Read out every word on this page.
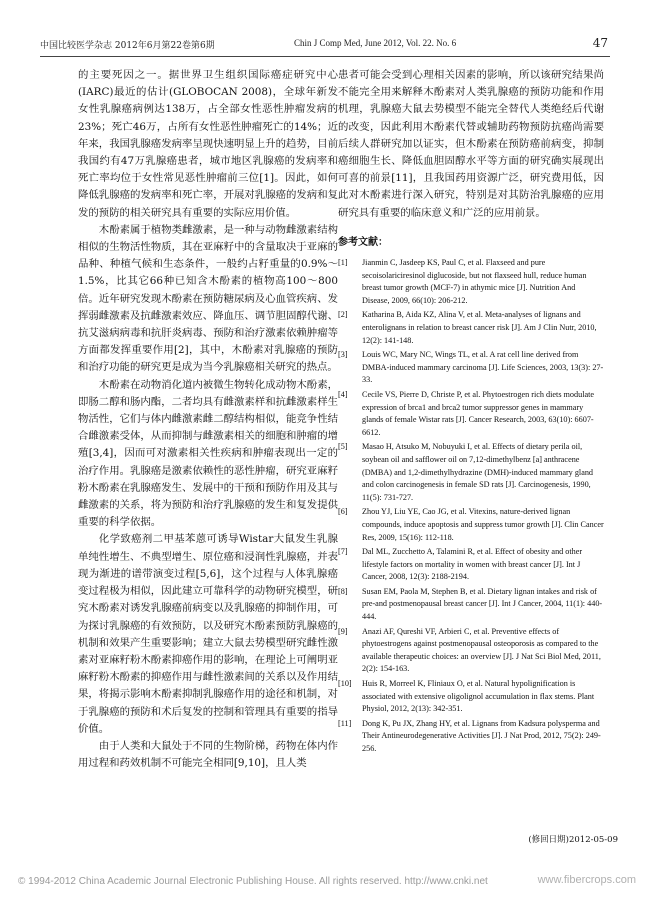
中国比较医学杂志 2012年6月第22卷第6期	Chin J Comp Med, June 2012, Vol. 22. No. 6	47

的主要死因之一。据世界卫生组织国际癌症研究中心(IARC)最近的估计(GLOBOCAN 2008)，全球年新发女性乳腺癌病例达138万，占全部女性恶性肿瘤发病的23%；死亡46万，占所有女性恶性肿瘤死亡的14%；近年来，我国乳腺癌发病率呈现快速明显上升的趋势，目前我国约有47万乳腺癌患者，城市地区乳腺癌的发病率和死亡率均位于女性常见恶性肿瘤前三位[1]。因此，如何降低乳腺癌的发病率和死亡率，开展对乳腺癌的发病和复发的预防的相关研究具有重要的实际应用价值。

木酚素属于植物类雌激素，是一种与动物雌激素结构相似的生物活性物质，其在亚麻籽中的含量取决于亚麻的品种、种植气候和生态条件，一般约占籽重量的0.9%～1.5%，比其它66种已知含木酚素的植物高100～800倍。近年研究发现木酚素在预防糖尿病及心血管疾病、发挥弱雌激素及抗雌激素效应、降血压、调节胆固醇代谢、抗艾滋病病毒和抗肝炎病毒、预防和治疗激素依赖肿瘤等方面都发挥重要作用[2]，其中，木酚素对乳腺癌的预防和治疗功能的研究更是成为当今乳腺癌相关研究的热点。

木酚素在动物消化道内被微生物转化成动物木酚素，即肠二醇和肠内酯，二者均具有雌激素样和抗雌激素样生物活性，它们与体内雌激素雌二醇结构相似，能竞争性结合雌激素受体，从而抑制与雌激素相关的细胞和肿瘤的增殖[3,4]，因而可对激素相关性疾病和肿瘤表现出一定的治疗作用。乳腺癌是激素依赖性的恶性肿瘤，研究亚麻籽粉木酚素在乳腺癌发生、发展中的干预和预防作用及其与雌激素的关系，将为预防和治疗乳腺癌的发生和复发提供重要的科学依据。

化学致癌剂二甲基苯蒽可诱导Wistar大鼠发生乳腺单纯性增生、不典型增生、原位癌和浸润性乳腺癌，并表现为渐进的谱带演变过程[5,6]，这个过程与人体乳腺癌变过程极为相似，因此建立可靠科学的动物研究模型，研究木酚素对诱发乳腺癌前病变以及乳腺癌的抑制作用，可为探讨乳腺癌的有效预防，以及研究木酚素预防乳腺癌的机制和效果产生重要影响；建立大鼠去势模型研究雌性激素对亚麻籽粉木酚素抑癌作用的影响，在理论上可阐明亚麻籽粉木酚素的抑癌作用与雌性激素间的关系以及作用结果，将揭示影响木酚素抑制乳腺癌作用的途径和机制，对于乳腺癌的预防和术后复发的控制和管理具有重要的指导价值。

由于人类和大鼠处于不同的生物阶梯，药物在体内作用过程和药效机制不可能完全相同[9,10]，且人类

患者可能会受到心理相关因素的影响，所以该研究结果尚不能完全用来解释木酚素对人类乳腺癌的预防功能和作用机理，乳腺癌大鼠去势模型不能完全替代人类绝经后代谢的改变，因此利用木酚素代替或辅助药物预防抗癌尚需要后续人群研究加以证实，但木酚素在预防癌前病变，抑制癌细胞生长、降低血胆固醇水平等方面的研究确实展现出可喜的前景[11]，且我国药用资源广泛，研究费用低，因此对木酚素进行深入研究，特别是对其防治乳腺癌的应用研究具有重要的临床意义和广泛的应用前景。

参考文献：

[1] Jianmin C, Jasdeep KS, Paul C, et al. Flaxseed and pure secoisolariciresinol diglucoside, but not flaxseed hull, reduce human breast tumor growth (MCF-7) in athymic mice [J]. Nutrition And Disease, 2009, 66(10): 206-212.
[2] Katharina B, Aida KZ, Alina V, et al. Meta-analyses of lignans and enterolignans in relation to breast cancer risk [J]. Am J Clin Nutr, 2010, 12(2): 141-148.
[3] Louis WC, Mary NC, Wings TL, et al. A rat cell line derived from DMBA-induced mammary carcinoma [J]. Life Sciences, 2003, 13(3): 27-33.
[4] Cecile VS, Pierre D, Christe P, et al. Phytoestrogen rich diets modulate expression of brca1 and brca2 tumor suppressor genes in mammary glands of female Wistar rats [J]. Cancer Research, 2003, 63(10): 6607-6612.
[5] Masao H, Atsuko M, Nobuyuki I, et al. Effects of dietary perila oil, soybean oil and safflower oil on 7,12-dimethylbenz [a] anthracene (DMBA) and 1,2-dimethylhydrazine (DMH)-induced mammary gland and colon carcinogenesis in female SD rats [J]. Carcinogenesis, 1990, 11(5): 731-727.
[6] Zhou YJ, Liu YE, Cao JG, et al. Vitexins, nature-derived lignan compounds, induce apoptosis and suppress tumor growth [J]. Clin Cancer Res, 2009, 15(16): 112-118.
[7] Dal ML, Zucchetto A, Talamini R, et al. Effect of obesity and other lifestyle factors on mortality in women with breast cancer [J]. Int J Cancer, 2008, 12(3): 2188-2194.
[8] Susan EM, Paola M, Stephen B, et al. Dietary lignan intakes and risk of pre-and postmenopausal breast cancer [J]. Int J Cancer, 2004, 11(1): 440-444.
[9] Anazi AF, Qureshi VF, Arbieri C, et al. Preventive effects of phytoestrogens against postmenopausal osteoporosis as compared to the available therapeutic choices: an overview [J]. J Nat Sci Biol Med, 2011, 2(2): 154-163.
[10] Huis R, Morreel K, Fliniaux O, et al. Natural hypolignification is associated with extensive oligolignol accumulation in flax stems. Plant Physiol, 2012, 2(13): 342-351.
[11] Dong K, Pu JX, Zhang HY, et al. Lignans from Kadsura polysperma and Their Antineurodegenerative Activities [J]. J Nat Prod, 2012, 75(2): 249-256.
(修回日期)2012-05-09
© 1994-2012 China Academic Journal Electronic Publishing House. All rights reserved. http://www.cnki.net	www.fibercrops.com
